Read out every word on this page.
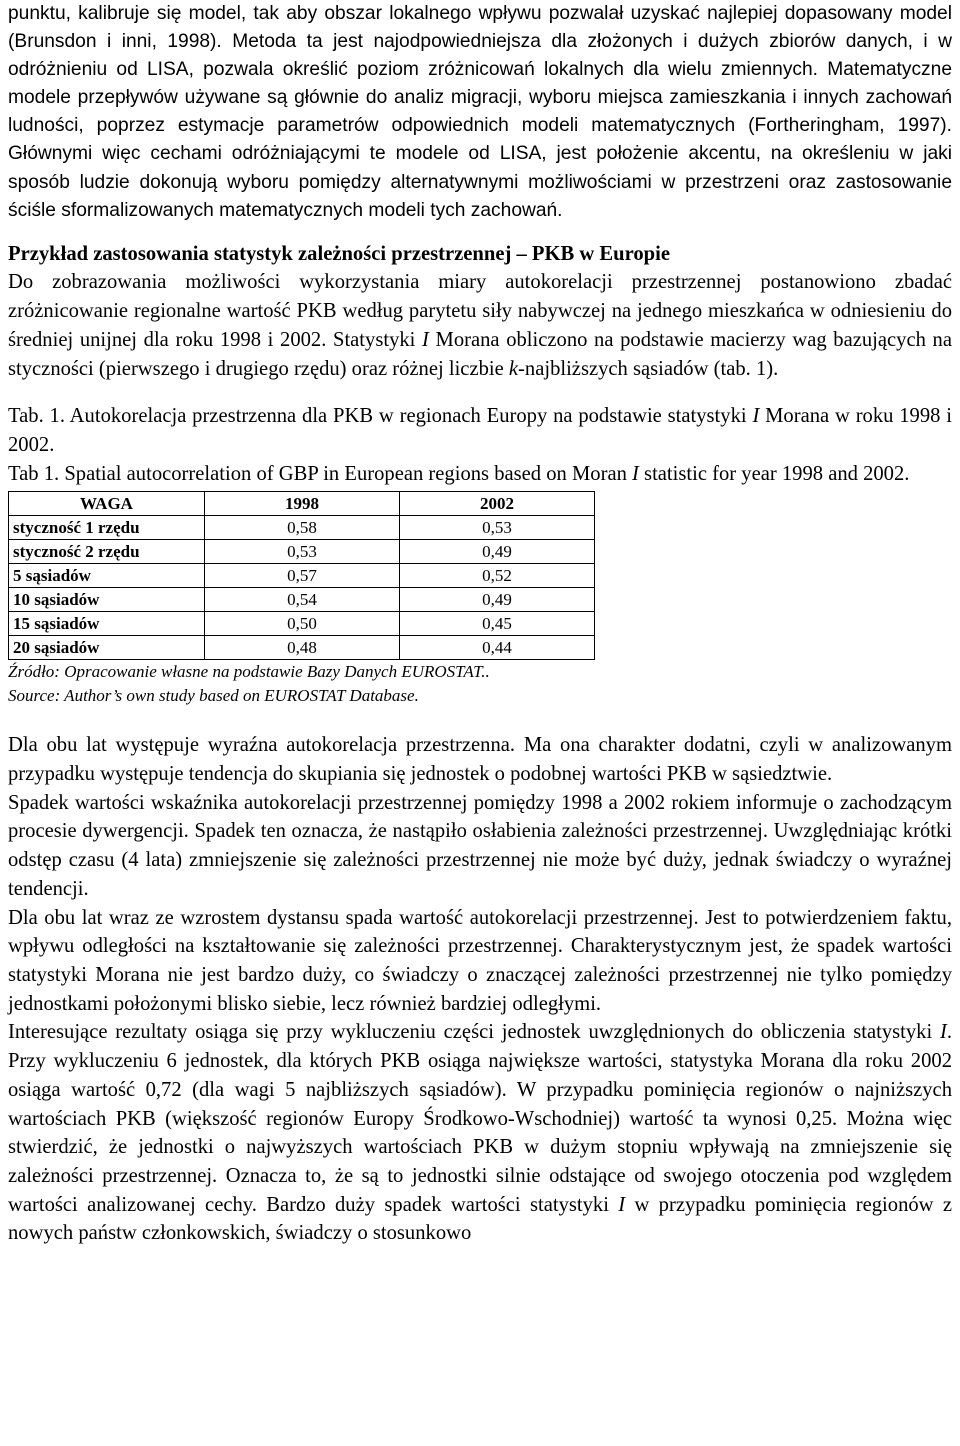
punktu, kalibruje się model, tak aby obszar lokalnego wpływu pozwalał uzyskać najlepiej dopasowany model (Brunsdon i inni, 1998). Metoda ta jest najodpowiedniejsza dla złożonych i dużych zbiorów danych, i w odróżnieniu od LISA, pozwala określić poziom zróżnicowań lokalnych dla wielu zmiennych. Matematyczne modele przepływów używane są głównie do analiz migracji, wyboru miejsca zamieszkania i innych zachowań ludności, poprzez estymacje parametrów odpowiednich modeli matematycznych (Fortheringham, 1997). Głównymi więc cechami odróżniającymi te modele od LISA, jest położenie akcentu, na określeniu w jaki sposób ludzie dokonują wyboru pomiędzy alternatywnymi możliwościami w przestrzeni oraz zastosowanie ściśle sformalizowanych matematycznych modeli tych zachowań.

Przykład zastosowania statystyk zależności przestrzennej – PKB w Europie

Do zobrazowania możliwości wykorzystania miary autokorelacji przestrzennej postanowiono zbadać zróżnicowanie regionalne wartość PKB według parytetu siły nabywczej na jednego mieszkańca w odniesieniu do średniej unijnej dla roku 1998 i 2002. Statystyki I Morana obliczono na podstawie macierzy wag bazujących na styczności (pierwszego i drugiego rzędu) oraz różnej liczbie k-najbliższych sąsiadów (tab. 1).

Tab. 1. Autokorelacja przestrzenna dla PKB w regionach Europy na podstawie statystyki I Morana w roku 1998 i 2002.

Tab 1. Spatial autocorrelation of GBP in European regions based on Moran I statistic for year 1998 and 2002.

WAGA	1998	2002
styczność 1 rzędu	0,58	0,53
styczność 2 rzędu	0,53	0,49
5 sąsiadów	0,57	0,52
10 sąsiadów	0,54	0,49
15 sąsiadów	0,50	0,45
20 sąsiadów	0,48	0,44

Źródło: Opracowanie własne na podstawie Bazy Danych EUROSTAT..

Source: Author’s own study based on EUROSTAT Database.

Dla obu lat występuje wyraźna autokorelacja przestrzenna. Ma ona charakter dodatni, czyli w analizowanym przypadku występuje tendencja do skupiania się jednostek o podobnej wartości PKB w sąsiedztwie.

Spadek wartości wskaźnika autokorelacji przestrzennej pomiędzy 1998 a 2002 rokiem informuje o zachodzącym procesie dywergencji. Spadek ten oznacza, że nastąpiło osłabienia zależności przestrzennej. Uwzględniając krótki odstęp czasu (4 lata) zmniejszenie się zależności przestrzennej nie może być duży, jednak świadczy o wyraźnej tendencji.

Dla obu lat wraz ze wzrostem dystansu spada wartość autokorelacji przestrzennej. Jest to potwierdzeniem faktu, wpływu odległości na kształtowanie się zależności przestrzennej. Charakterystycznym jest, że spadek wartości statystyki Morana nie jest bardzo duży, co świadczy o znaczącej zależności przestrzennej nie tylko pomiędzy jednostkami położonymi blisko siebie, lecz również bardziej odległymi.

Interesujące rezultaty osiąga się przy wykluczeniu części jednostek uwzględnionych do obliczenia statystyki I. Przy wykluczeniu 6 jednostek, dla których PKB osiąga największe wartości, statystyka Morana dla roku 2002 osiąga wartość 0,72 (dla wagi 5 najbliższych sąsiadów). W przypadku pominięcia regionów o najniższych wartościach PKB (większość regionów Europy Środkowo-Wschodniej) wartość ta wynosi 0,25. Można więc stwierdzić, że jednostki o najwyższych wartościach PKB w dużym stopniu wpływają na zmniejszenie się zależności przestrzennej. Oznacza to, że są to jednostki silnie odstające od swojego otoczenia pod względem wartości analizowanej cechy. Bardzo duży spadek wartości statystyki I w przypadku pominięcia regionów z nowych państw członkowskich, świadczy o stosunkowo
